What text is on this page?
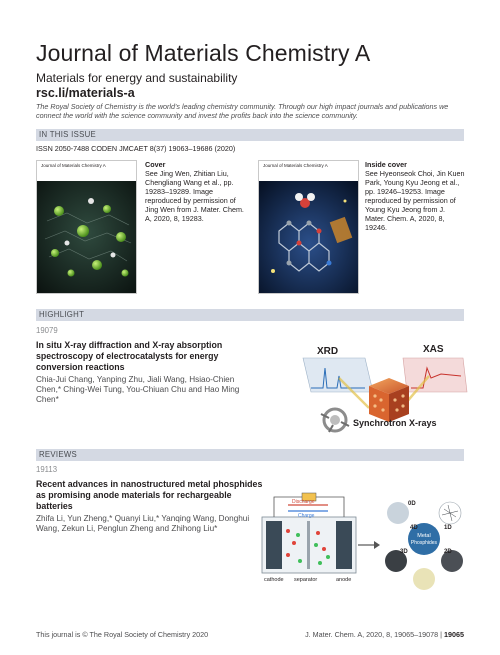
Journal of Materials Chemistry A
Materials for energy and sustainability
rsc.li/materials-a
The Royal Society of Chemistry is the world's leading chemistry community. Through our high impact journals and publications we connect the world with the science community and invest the profits back into the science community.
IN THIS ISSUE
ISSN 2050-7488 CODEN JMCAET 8(37) 19063–19686 (2020)
Journal of Materials Chemistry A	Cover
See Jing Wen, Zhitian Liu, Chengliang Wang et al., pp. 19283–19289. Image reproduced by permission of Jing Wen from J. Mater. Chem. A, 2020, 8, 19283.
Journal of Materials Chemistry A	Inside cover
See Hyeonseok Choi, Jin Kuen Park, Young Kyu Jeong et al., pp. 19246–19253. Image reproduced by permission of Young Kyu Jeong from J. Mater. Chem. A, 2020, 8, 19246.
HIGHLIGHT
19079
In situ X-ray diffraction and X-ray absorption spectroscopy of electrocatalysts for energy conversion reactions
Chia-Jui Chang, Yanping Zhu, Jiali Wang, Hsiao-Chien Chen,* Ching-Wei Tung, You-Chiuan Chu and Hao Ming Chen*
XRD	XAS
Synchrotron X-rays
REVIEWS
19113
Recent advances in nanostructured metal phosphides as promising anode materials for rechargeable batteries
Zhifa Li, Yun Zheng,* Quanyi Liu,* Yanqing Wang, Donghui Wang, Zekun Li, Penglun Zheng and Zhihong Liu*
Discharge
Charge
cathode separator	anode
Metal
Phosphides
0D
1D
2D
3D
4D
This journal is © The Royal Society of Chemistry 2020	J. Mater. Chem. A, 2020, 8, 19065–19078 | 19065
